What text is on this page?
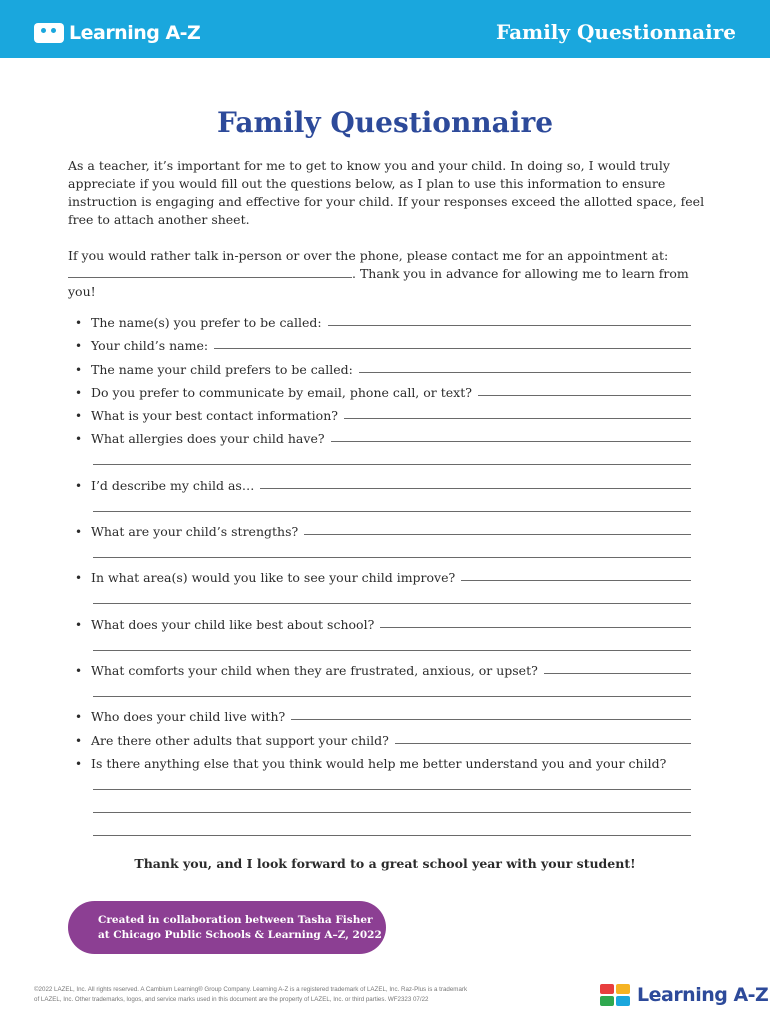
Learning A-Z	Family Questionnaire
Family Questionnaire

As a teacher, it’s important for me to get to know you and your child. In doing so, I would truly appreciate if you would fill out the questions below, as I plan to use this information to ensure instruction is engaging and effective for your child. If your responses exceed the allotted space, feel free to attach another sheet.

If you would rather talk in-person or over the phone, please contact me for an appointment at:
. Thank you in advance for allowing me to learn from you!

• The name(s) you prefer to be called:
• Your child’s name:
• The name your child prefers to be called:
• Do you prefer to communicate by email, phone call, or text?
• What is your best contact information?
• What allergies does your child have?
• I’d describe my child as…
• What are your child’s strengths?
• In what area(s) would you like to see your child improve?
• What does your child like best about school?
• What comforts your child when they are frustrated, anxious, or upset?
• Who does your child live with?
• Are there other adults that support your child?
• Is there anything else that you think would help me better understand you and your child?
Thank you, and I look forward to a great school year with your student!
Created in collaboration between Tasha Fisher
at Chicago Public Schools & Learning A–Z, 2022
©2022 LAZEL, Inc. All rights reserved. A Cambium Learning® Group Company. Learning A-Z is a registered trademark of LAZEL, Inc. Raz-Plus is a trademark
of LAZEL, Inc. Other trademarks, logos, and service marks used in this document are the property of LAZEL, Inc. or third parties. WF2323 07/22	Learning A-Z
